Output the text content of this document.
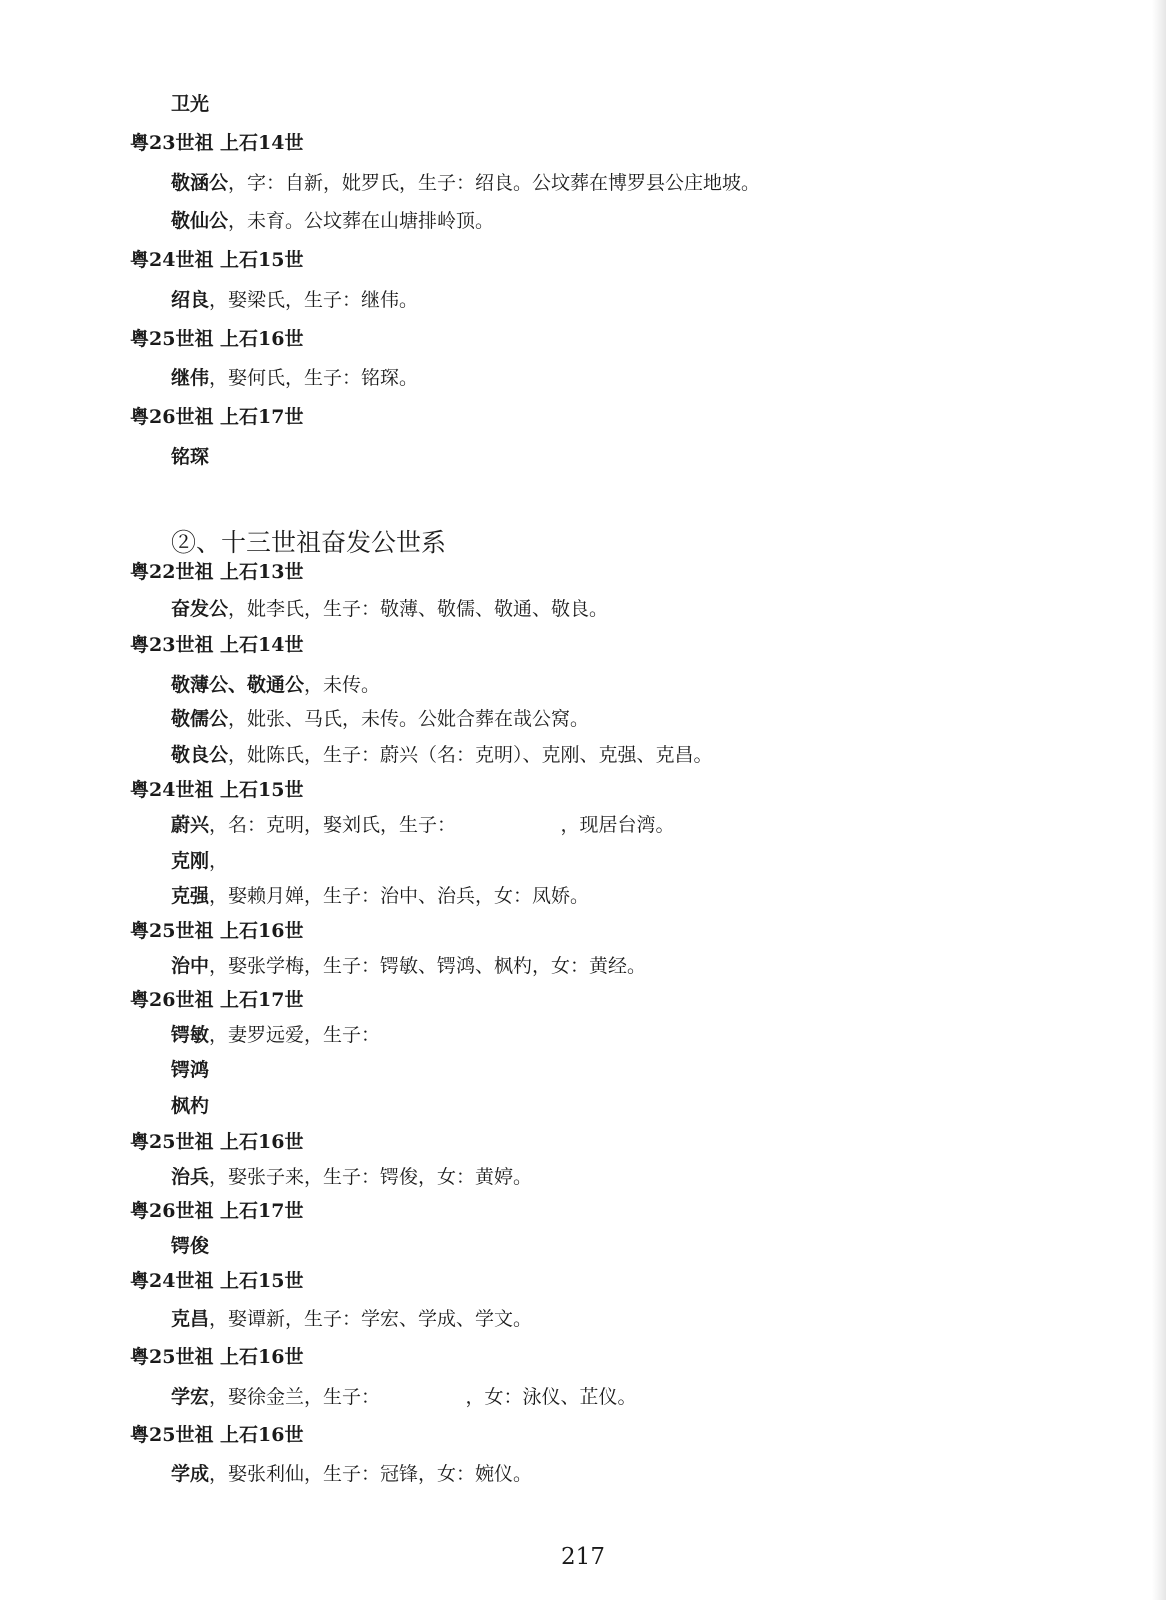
卫光

粤23世祖 上石14世

敬涵公，字：自新，妣罗氏，生子：绍良。公坟葬在博罗县公庄地坡。

敬仙公，未育。公坟葬在山塘排岭顶。

粤24世祖 上石15世

绍良，娶梁氏，生子：继伟。

粤25世祖 上石16世

继伟，娶何氏，生子：铭琛。

粤26世祖 上石17世

铭琛

②、十三世祖奋发公世系

粤22世祖 上石13世

奋发公，妣李氏，生子：敬薄、敬儒、敬通、敬良。

粤23世祖 上石14世

敬薄公、敬通公，未传。

敬儒公，妣张、马氏，未传。公妣合葬在哉公窝。

敬良公，妣陈氏，生子：蔚兴（名：克明）、克刚、克强、克昌。

粤24世祖 上石15世

蔚兴，名：克明，娶刘氏，生子：　　　　　　，现居台湾。

克刚，

克强，娶赖月婵，生子：治中、治兵，女：凤娇。

粤25世祖 上石16世

治中，娶张学梅，生子：锷敏、锷鸿、枫杓，女：黄经。

粤26世祖 上石17世

锷敏，妻罗远爱，生子：

锷鸿

枫杓

粤25世祖 上石16世

治兵，娶张子来，生子：锷俊，女：黄婷。

粤26世祖 上石17世

锷俊

粤24世祖 上石15世

克昌，娶谭新，生子：学宏、学成、学文。

粤25世祖 上石16世

学宏，娶徐金兰，生子：　　　　　，女：泳仪、芷仪。

粤25世祖 上石16世

学成，娶张利仙，生子：冠锋，女：婉仪。

217
